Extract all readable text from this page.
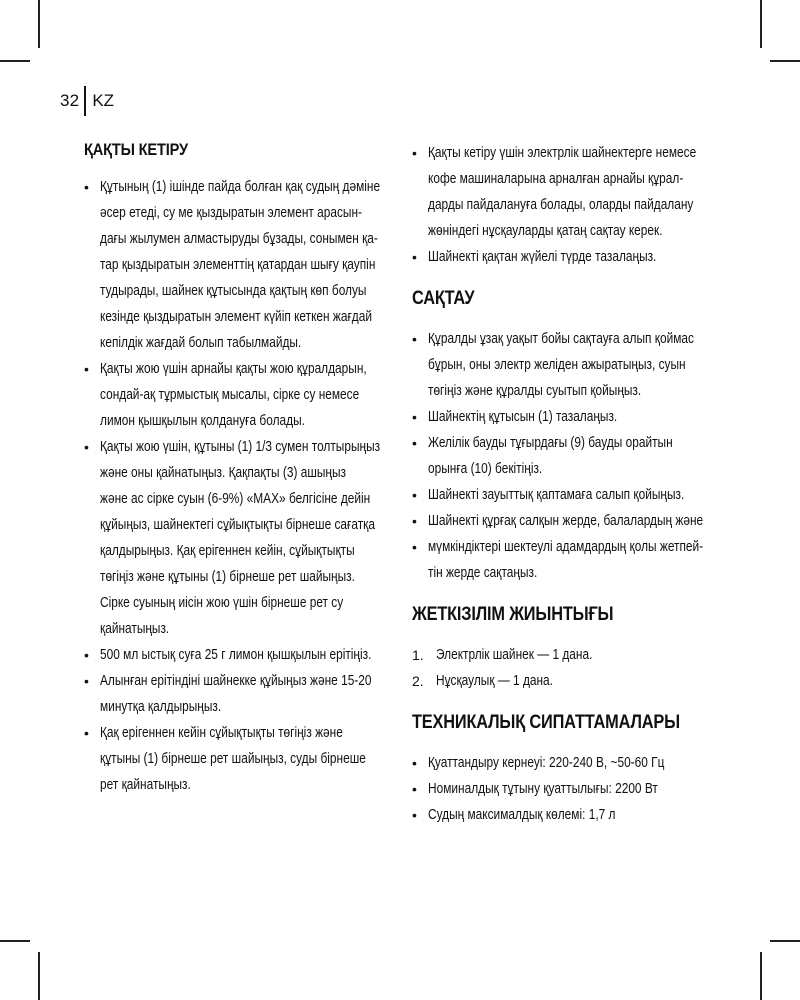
32 KZ
ҚАҚТЫ КЕТІРУ
• Құтының (1) ішінде пайда болған қақ судың дәміне
әсер етеді, су ме қыздыратын элемент арасын-
дағы жылумен алмастыруды бұзады, сонымен қа-
тар қыздыратын элементтің қатардан шығу қаупін
тудырады, шайнек құтысында қақтың көп болуы
кезінде қыздыратын элемент күйіп кеткен жағдай
кепілдік жағдай болып табылмайды.
• Қақты жою үшін арнайы қақты жою құралдарын,
сондай-ақ тұрмыстық мысалы, сірке су немесе
лимон қышқылын қолдануға болады.
• Қақты жою үшін, құтыны (1) 1/3 сумен толтырыңыз
және оны қайнатыңыз. Қақпақты (3) ашыңыз
және ас сірке суын (6-9%) «MAX» белгісіне дейін
құйыңыз, шайнектегі сұйықтықты бірнеше сағатқа
қалдырыңыз. Қақ ерігеннен кейін, сұйықтықты
төгіңіз және құтыны (1) бірнеше рет шайыңыз.
Сірке суының иісін жою үшін бірнеше рет су
қайнатыңыз.
• 500 мл ыстық суға 25 г лимон қышқылын ерітіңіз.
• Алынған ерітіндіні шайнекке құйыңыз және 15-20
минутқа қалдырыңыз.
• Қақ ерігеннен кейін сұйықтықты төгіңіз және
құтыны (1) бірнеше рет шайыңыз, суды бірнеше
рет қайнатыңыз.
• Қақты кетіру үшін электрлік шайнектерге немесе
кофе машиналарына арналған арнайы құрал-
дарды пайдалануға болады, оларды пайдалану
жөніндегі нұсқауларды қатаң сақтау керек.
• Шайнекті қақтан жүйелі түрде тазалаңыз.
САҚТАУ
• Құралды ұзақ уақыт бойы сақтауға алып қоймас
бұрын, оны электр желіден ажыратыңыз, суын
төгіңіз және құралды суытып қойыңыз.
• Шайнектің құтысын (1) тазалаңыз.
• Желілік бауды тұғырдағы (9) бауды орайтын
орынға (10) бекітіңіз.
• Шайнекті зауыттық қаптамаға салып қойыңыз.
• Шайнекті құрғақ салқын жерде, балалардың және
• мүмкіндіктері шектеулі адамдардың қолы жетпей-
тін жерде сақтаңыз.
ЖЕТКІЗІЛІМ ЖИЫНТЫҒЫ
1. Электрлік шайнек — 1 дана.
2. Нұсқаулық — 1 дана.
ТЕХНИКАЛЫҚ СИПАТТАМАЛАРЫ
• Қуаттандыру кернеуі: 220-240 В, ~50-60 Гц
• Номиналдық тұтыну қуаттылығы: 2200 Вт
• Судың максималдық көлемі: 1,7 л
